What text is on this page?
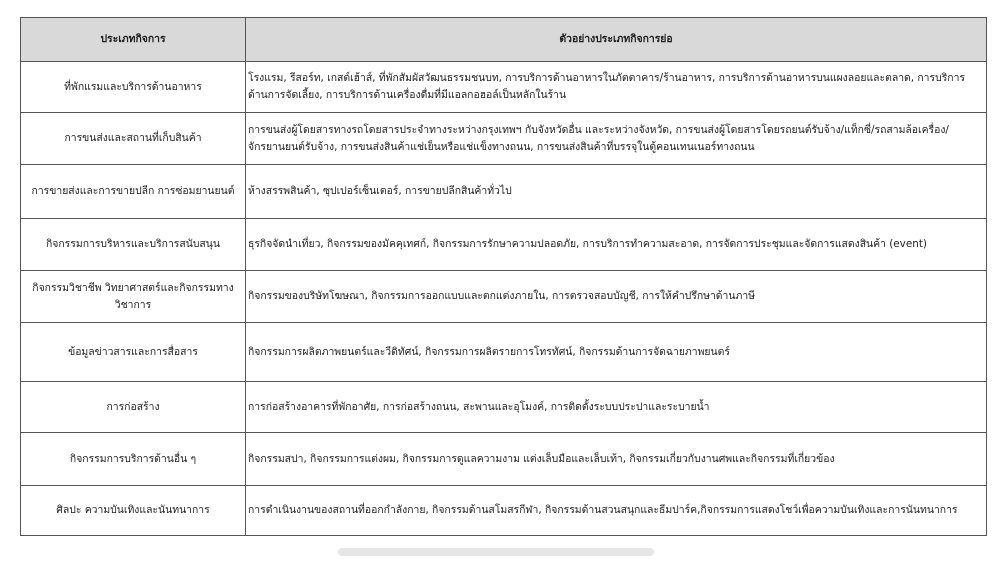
ประเภทกิจการ	ตัวอย่างประเภทกิจการย่อ
ที่พักแรมและบริการด้านอาหาร	โรงแรม, รีสอร์ท, เกสต์เฮ้าส์, ที่พักสัมผัสวัฒนธรรมชนบท, การบริการด้านอาหารในภัตตาคาร/ร้านอาหาร, การบริการด้านอาหารบนแผงลอยและตลาด, การบริการด้านการจัดเลี้ยง, การบริการด้านเครื่องดื่มที่มีแอลกอฮอล์เป็นหลักในร้าน
การขนส่งและสถานที่เก็บสินค้า	การขนส่งผู้โดยสารทางรถโดยสารประจำทางระหว่างกรุงเทพฯ กับจังหวัดอื่น และระหว่างจังหวัด, การขนส่งผู้โดยสารโดยรถยนต์รับจ้าง/แท็กซี่/รถสามล้อเครื่อง/จักรยานยนต์รับจ้าง, การขนส่งสินค้าแช่เย็นหรือแช่แข็งทางถนน, การขนส่งสินค้าที่บรรจุในตู้คอนเทนเนอร์ทางถนน
การขายส่งและการขายปลีก การซ่อมยานยนต์	ห้างสรรพสินค้า, ซุปเปอร์เซ็นเตอร์, การขายปลีกสินค้าทั่วไป
กิจกรรมการบริหารและบริการสนับสนุน	ธุรกิจจัดนำเที่ยว, กิจกรรมของมัคคุเทศก์, กิจกรรมการรักษาความปลอดภัย, การบริการทำความสะอาด, การจัดการประชุมและจัดการแสดงสินค้า (event)
กิจกรรมวิชาชีพ วิทยาศาสตร์และกิจกรรมทางวิชาการ	กิจกรรมของบริษัทโฆษณา, กิจกรรมการออกแบบและตกแต่งภายใน, การตรวจสอบบัญชี, การให้คำปรึกษาด้านภาษี
ข้อมูลข่าวสารและการสื่อสาร	กิจกรรมการผลิตภาพยนตร์และวีดิทัศน์, กิจกรรมการผลิตรายการโทรทัศน์, กิจกรรมด้านการจัดฉายภาพยนตร์
การก่อสร้าง	การก่อสร้างอาคารที่พักอาศัย, การก่อสร้างถนน, สะพานและอุโมงค์, การติดตั้งระบบประปาและระบายน้ำ
กิจกรรมการบริการด้านอื่น ๆ	กิจกรรมสปา, กิจกรรมการแต่งผม, กิจกรรมการดูแลความงาม แต่งเล็บมือและเล็บเท้า, กิจกรรมเกี่ยวกับงานศพและกิจกรรมที่เกี่ยวข้อง
ศิลปะ ความบันเทิงและนันทนาการ	การดำเนินงานของสถานที่ออกกำลังกาย, กิจกรรมด้านสโมสรกีฬา, กิจกรรมด้านสวนสนุกและธีมปาร์ค,กิจกรรมการแสดงโชว์เพื่อความบันเทิงและการนันทนาการ
